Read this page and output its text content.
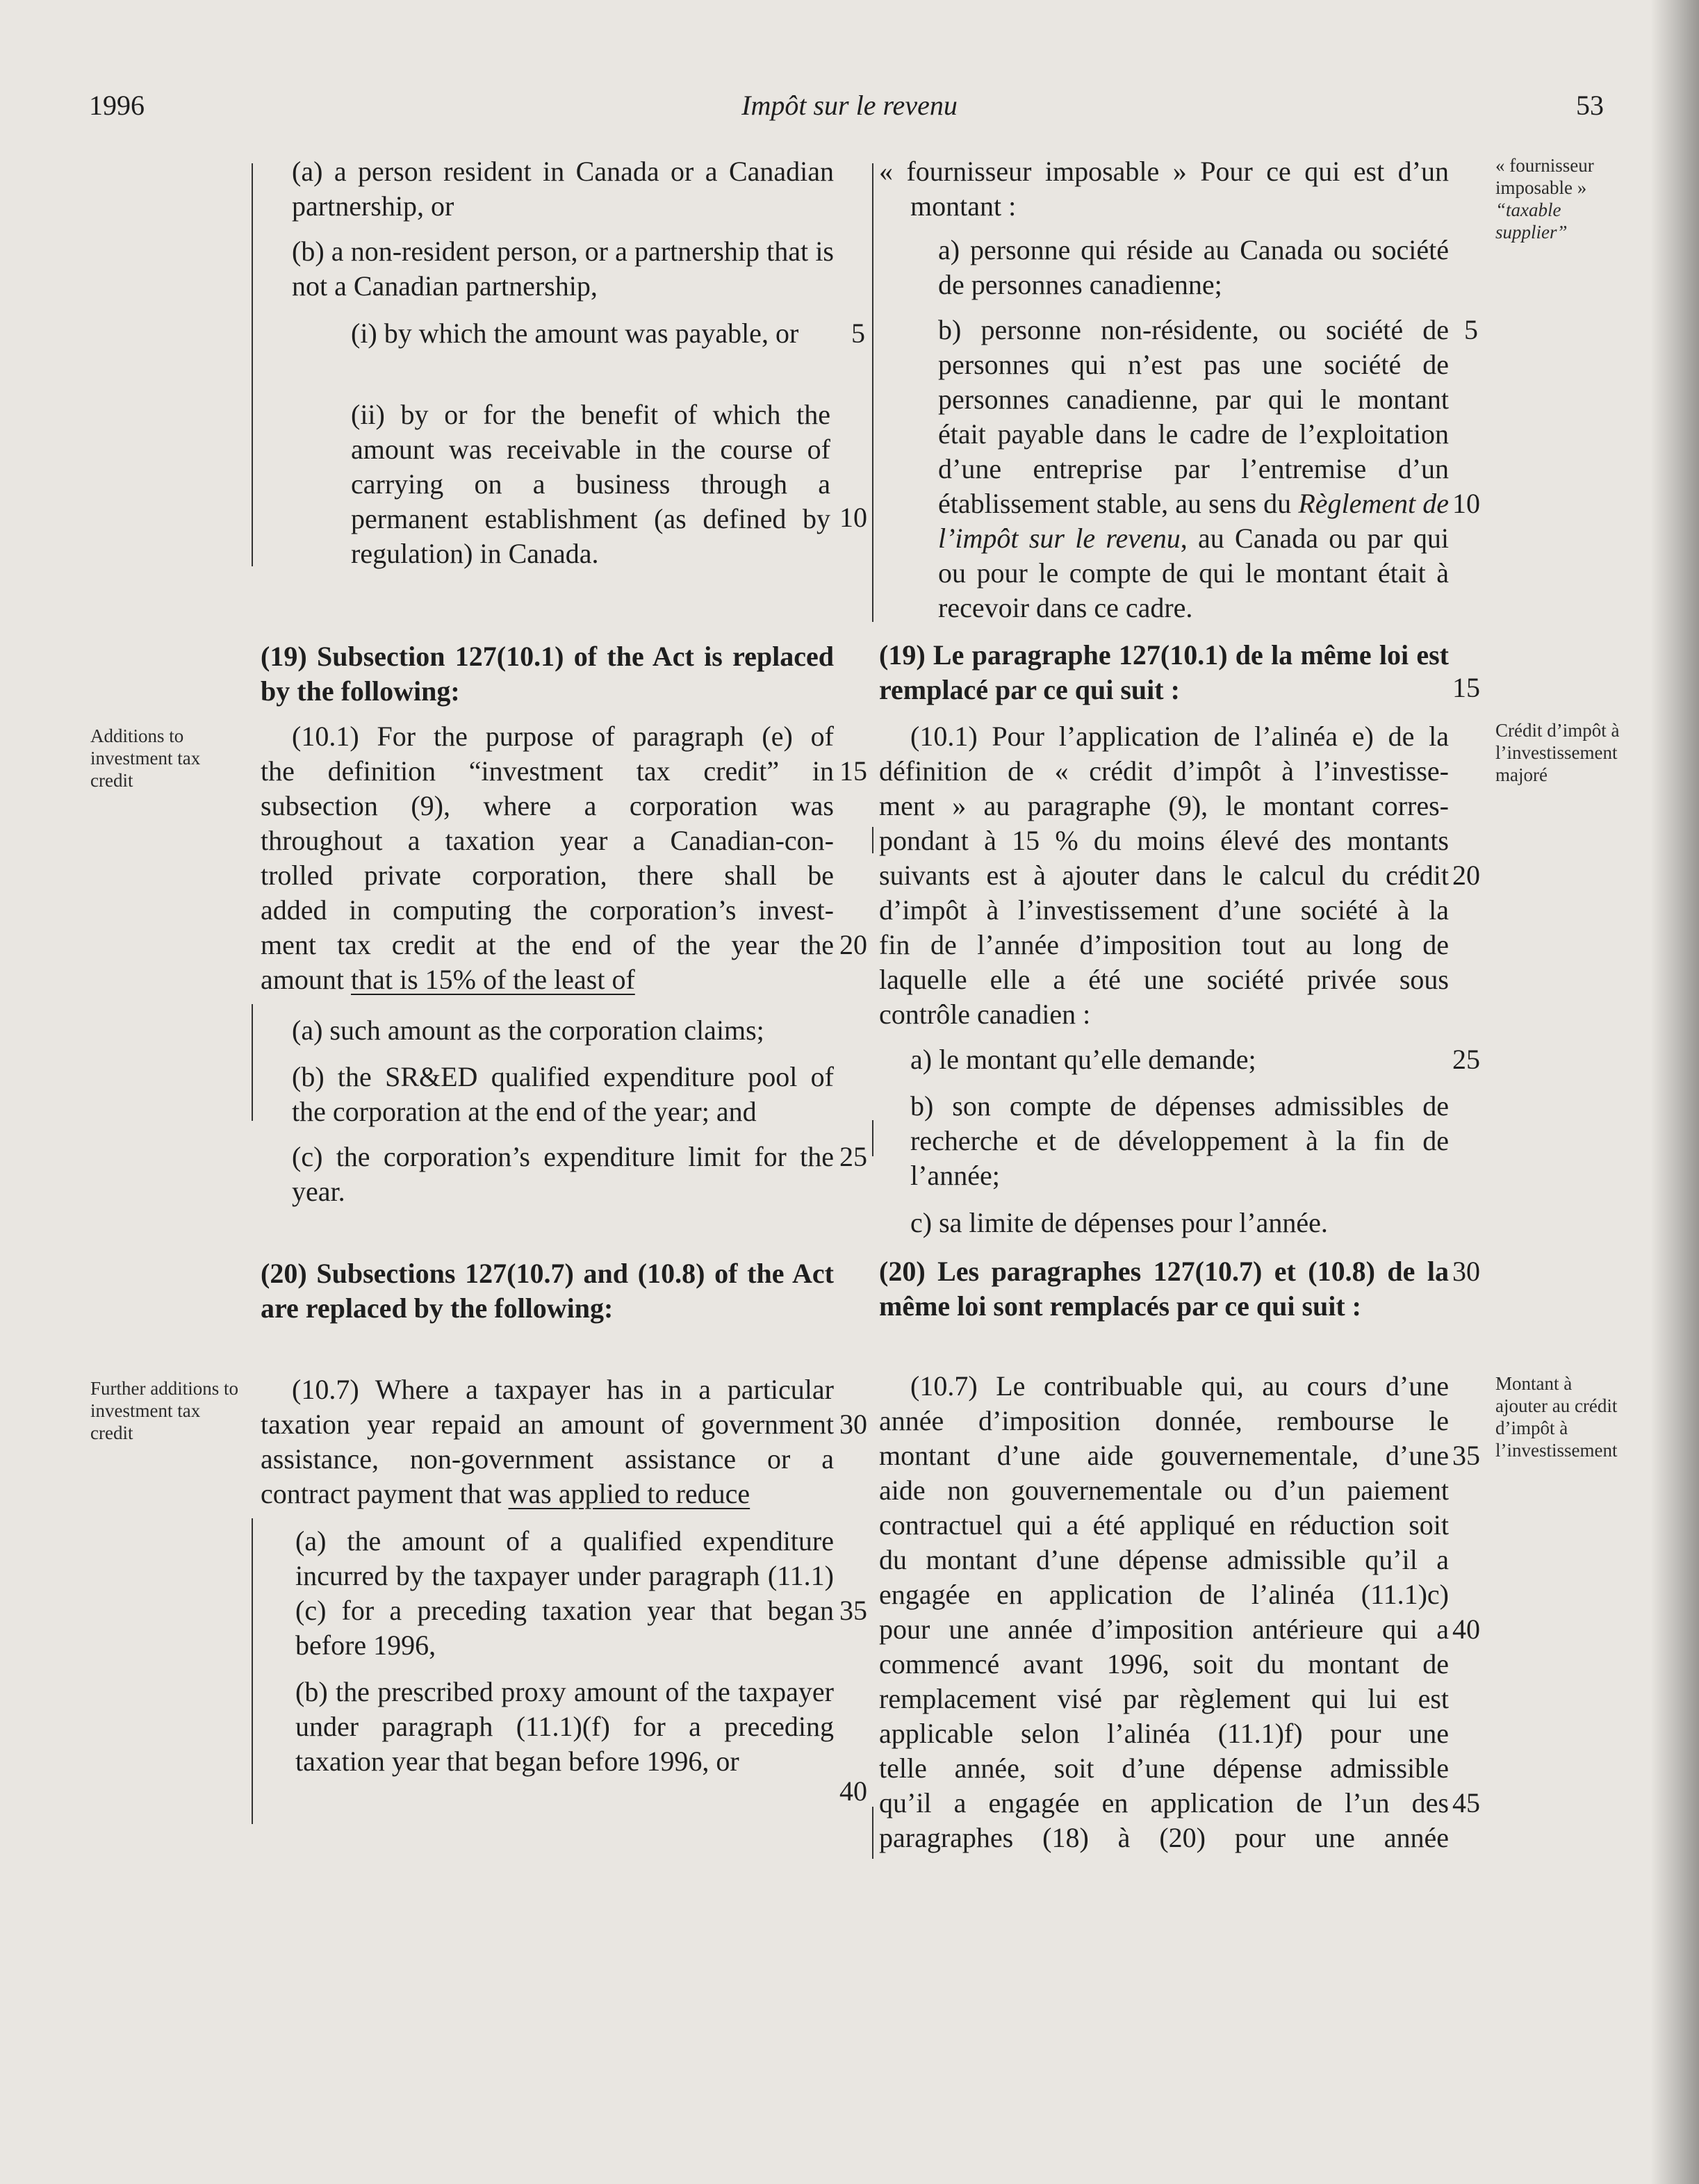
1996	Impôt sur le revenu	53

(a) a person resident in Canada or a Canadian partnership, or

(b) a non-resident person, or a partnership that is not a Canadian partnership,

(i) by which the amount was payable, or

(ii) by or for the benefit of which the amount was receivable in the course of carrying on a business through a permanent establishment (as defined by regulation) in Canada.

(19) Subsection 127(10.1) of the Act is replaced by the following:

(10.1) For the purpose of paragraph (e) of

the definition “investment tax credit” in

subsection (9), where a corporation was

throughout a taxation year a Canadian-con-

trolled private corporation, there shall be

added in computing the corporation’s invest-

ment tax credit at the end of the year the

amount that is 15% of the least of

(a) such amount as the corporation claims;

(b) the SR&ED qualified expenditure pool of the corporation at the end of the year; and

(c) the corporation’s expenditure limit for the year.

(20) Subsections 127(10.7) and (10.8) of the Act are replaced by the following:

(10.7) Where a taxpayer has in a particular

taxation year repaid an amount of government

assistance, non-government assistance or a

contract payment that was applied to reduce

(a) the amount of a qualified expenditure incurred by the taxpayer under paragraph (11.1)(c) for a preceding taxation year that began before 1996,

(b) the prescribed proxy amount of the taxpayer under paragraph (11.1)(f) for a preceding taxation year that began before 1996, or

5
10
15
20
25
30
35
40

« fournisseur imposable » Pour ce qui est d’un montant :

a) personne qui réside au Canada ou société de personnes canadienne;

b) personne non-résidente, ou société de personnes qui n’est pas une société de personnes canadienne, par qui le montant était payable dans le cadre de l’exploitation d’une entreprise par l’entremise d’un établissement stable, au sens du Règlement de l’impôt sur le revenu, au Canada ou par qui ou pour le compte de qui le montant était à recevoir dans ce cadre.

(19) Le paragraphe 127(10.1) de la même loi est remplacé par ce qui suit :

(10.1) Pour l’application de l’alinéa e) de la

définition de « crédit d’impôt à l’investisse-

ment » au paragraphe (9), le montant corres-

pondant à 15 % du moins élevé des montants

suivants est à ajouter dans le calcul du crédit

d’impôt à l’investissement d’une société à la

fin de l’année d’imposition tout au long de

laquelle elle a été une société privée sous

contrôle canadien :

a) le montant qu’elle demande;

b) son compte de dépenses admissibles de recherche et de développement à la fin de l’année;

c) sa limite de dépenses pour l’année.

(20) Les paragraphes 127(10.7) et (10.8) de la même loi sont remplacés par ce qui suit :

(10.7) Le contribuable qui, au cours d’une

année d’imposition donnée, rembourse le

montant d’une aide gouvernementale, d’une

aide non gouvernementale ou d’un paiement

contractuel qui a été appliqué en réduction soit

du montant d’une dépense admissible qu’il a

engagée en application de l’alinéa (11.1)c)

pour une année d’imposition antérieure qui a

commencé avant 1996, soit du montant de

remplacement visé par règlement qui lui est

applicable selon l’alinéa (11.1)f) pour une

telle année, soit d’une dépense admissible

qu’il a engagée en application de l’un des

paragraphes (18) à (20) pour une année

5
10
15
20
25
30
35
40
45
« fournisseur imposable »
“taxable supplier”
Additions to investment tax credit
Crédit d’impôt à l’investissement majoré
Further additions to investment tax credit
Montant à ajouter au crédit d’impôt à l’investissement
